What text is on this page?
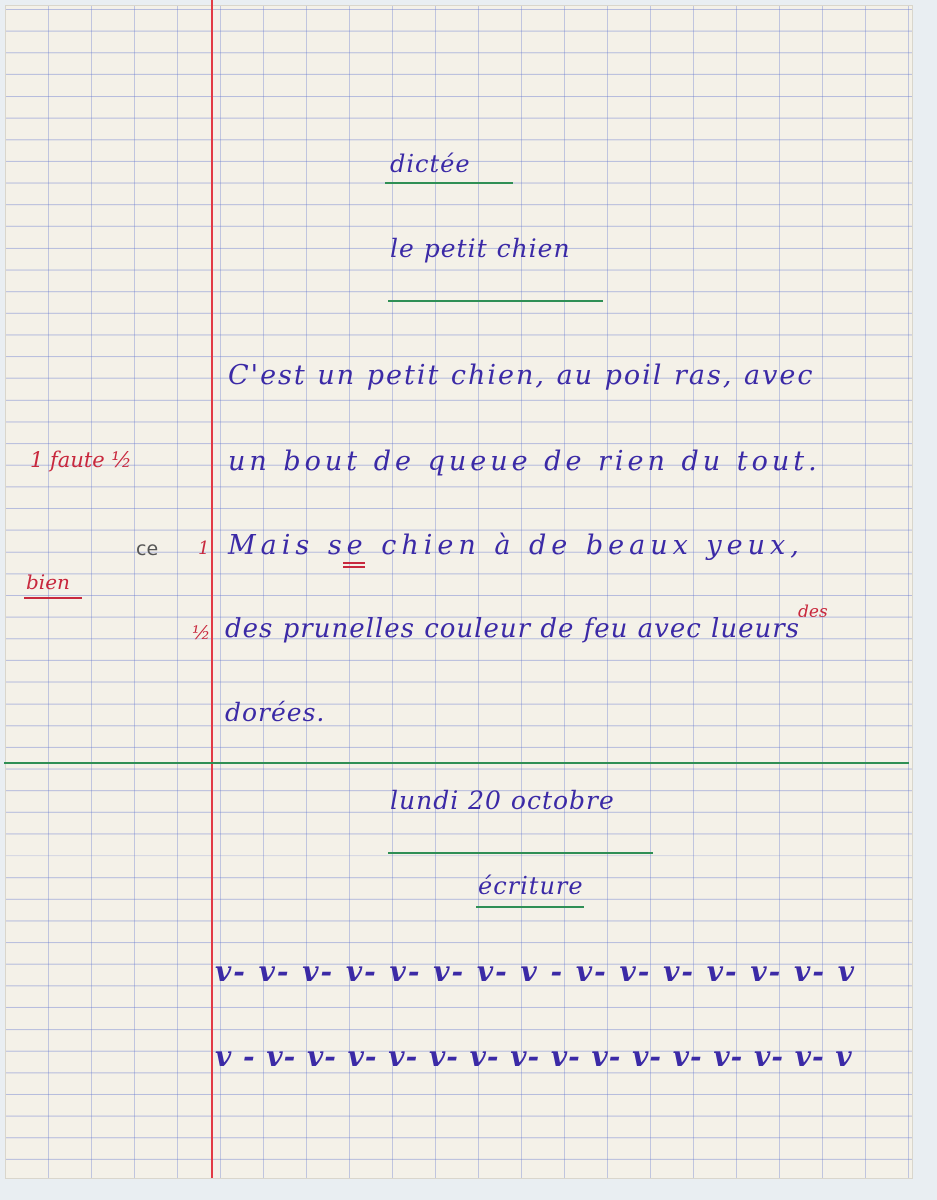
dictée
le petit chien
C'est un petit chien, au poil ras, avec
un bout de queue de rien du tout.
Mais se chien à de beaux yeux,
des prunelles couleur de feu avec lueurs
dorées.
1 faute ½
bien
ce 1
½
des
lundi 20 octobre
écriture
v- v- v- v- v- v- v- v - v- v- v- v- v- v- v
v - v- v- v- v- v- v- v- v- v- v- v- v- v- v- v
